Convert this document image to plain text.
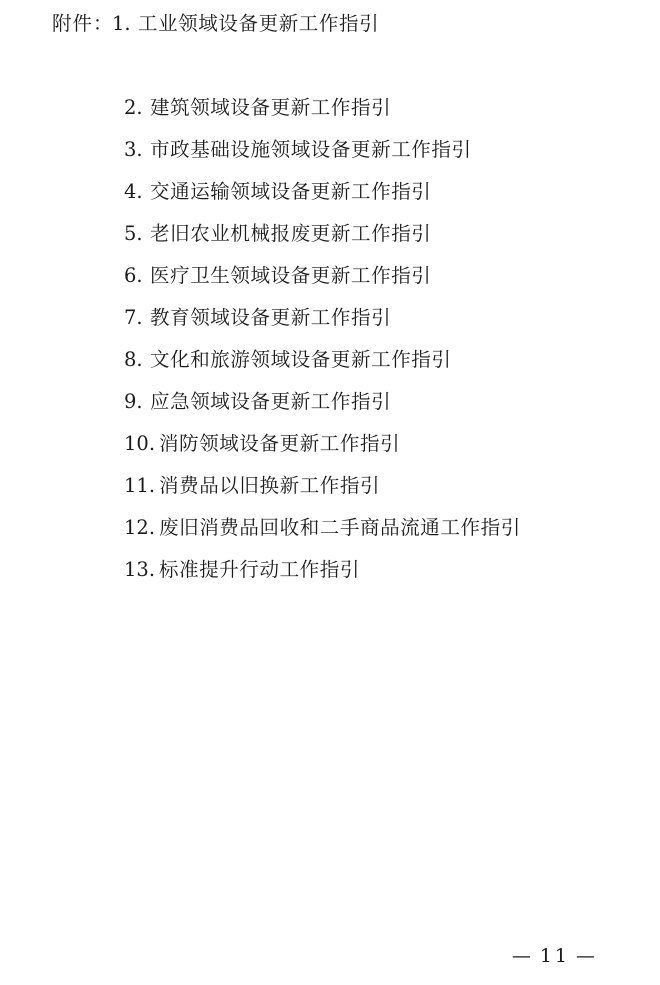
附件：
1. 工业领域设备更新工作指引
2. 建筑领域设备更新工作指引
3. 市政基础设施领域设备更新工作指引
4. 交通运输领域设备更新工作指引
5. 老旧农业机械报废更新工作指引
6. 医疗卫生领域设备更新工作指引
7. 教育领域设备更新工作指引
8. 文化和旅游领域设备更新工作指引
9. 应急领域设备更新工作指引
10. 消防领域设备更新工作指引
11. 消费品以旧换新工作指引
12. 废旧消费品回收和二手商品流通工作指引
13. 标准提升行动工作指引
— 11 —
